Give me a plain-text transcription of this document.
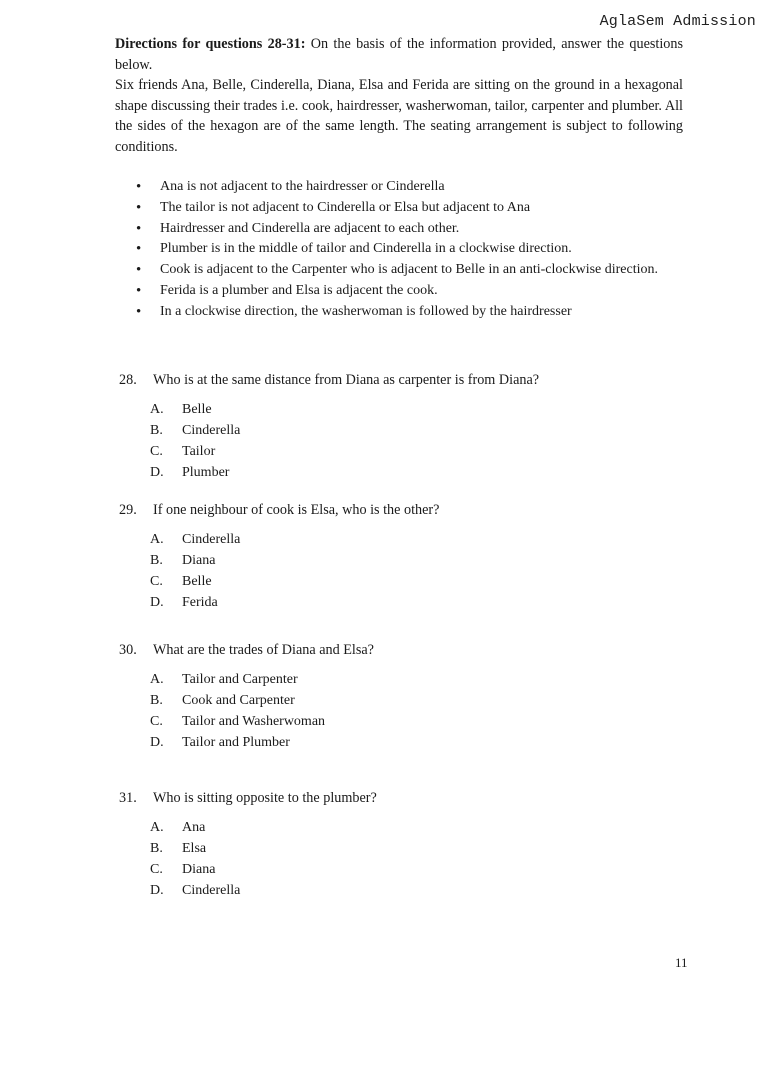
AglaSem Admission

Directions for questions 28-31: On the basis of the information provided, answer the questions below.

Six friends Ana, Belle, Cinderella, Diana, Elsa and Ferida are sitting on the ground in a hexagonal shape discussing their trades i.e. cook, hairdresser, washerwoman, tailor, carpenter and plumber. All the sides of the hexagon are of the same length. The seating arrangement is subject to following conditions.

• Ana is not adjacent to the hairdresser or Cinderella
• The tailor is not adjacent to Cinderella or Elsa but adjacent to Ana
• Hairdresser and Cinderella are adjacent to each other.
• Plumber is in the middle of tailor and Cinderella in a clockwise direction.
• Cook is adjacent to the Carpenter who is adjacent to Belle in an anti-clockwise direction.
• Ferida is a plumber and Elsa is adjacent the cook.
• In a clockwise direction, the washerwoman is followed by the hairdresser
28. Who is at the same distance from Diana as carpenter is from Diana?
A. Belle
B. Cinderella
C. Tailor
D. Plumber
29. If one neighbour of cook is Elsa, who is the other?
A. Cinderella
B. Diana
C. Belle
D. Ferida
30. What are the trades of Diana and Elsa?
A. Tailor and Carpenter
B. Cook and Carpenter
C. Tailor and Washerwoman
D. Tailor and Plumber
31. Who is sitting opposite to the plumber?
A. Ana
B. Elsa
C. Diana
D. Cinderella
11
